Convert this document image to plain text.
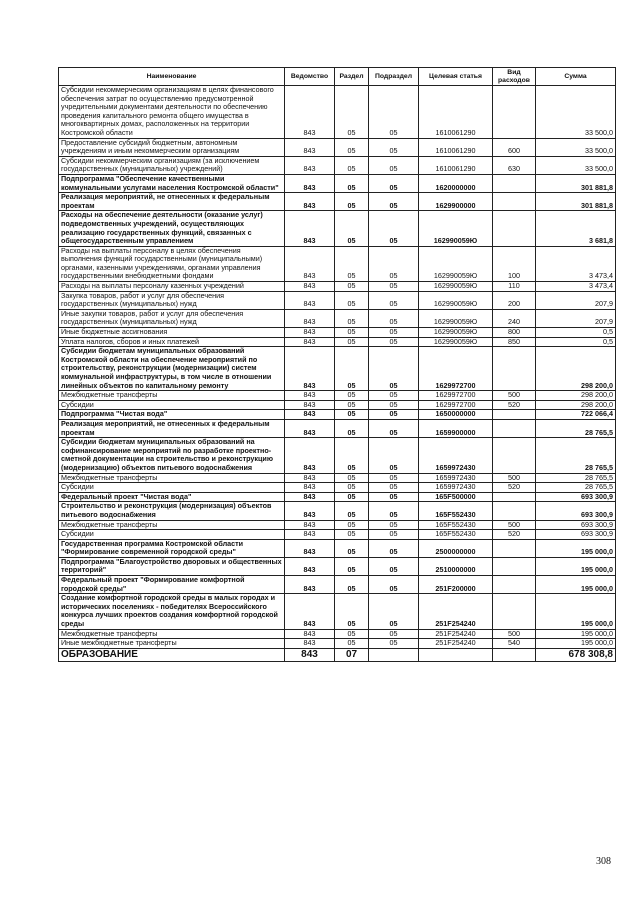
Наименование	Ведомство	Раздел	Подраздел	Целевая статья	Вид расходов	Сумма
Субсидии некоммерческим организациям в целях финансового обеспечения затрат по осуществлению предусмотренной учредительными документами деятельности по обеспечению проведения капитального ремонта общего имущества в многоквартирных домах, расположенных на территории Костромской области	843	05	05	1610061290		33 500,0
Предоставление субсидий бюджетным, автономным учреждениям и иным некоммерческим организациям	843	05	05	1610061290	600	33 500,0
Субсидии некоммерческим организациям (за исключением государственных (муниципальных) учреждений)	843	05	05	1610061290	630	33 500,0
Подпрограмма "Обеспечение качественными коммунальными услугами населения Костромской области"	843	05	05	1620000000		301 881,8
Реализация мероприятий, не отнесенных к федеральным проектам	843	05	05	1629900000		301 881,8
Расходы на обеспечение деятельности (оказание услуг) подведомственных учреждений, осуществляющих реализацию государственных функций, связанных с общегосударственным управлением	843	05	05	162990059Ю		3 681,8
Расходы на выплаты персоналу в целях обеспечения выполнения функций государственными (муниципальными) органами, казенными учреждениями, органами управления государственными внебюджетными фондами	843	05	05	162990059Ю	100	3 473,4
Расходы на выплаты персоналу казенных учреждений	843	05	05	162990059Ю	110	3 473,4
Закупка товаров, работ и услуг для обеспечения государственных (муниципальных) нужд	843	05	05	162990059Ю	200	207,9
Иные закупки товаров, работ и услуг для обеспечения государственных (муниципальных) нужд	843	05	05	162990059Ю	240	207,9
Иные бюджетные ассигнования	843	05	05	162990059Ю	800	0,5
Уплата налогов, сборов и иных платежей	843	05	05	162990059Ю	850	0,5
Субсидии бюджетам муниципальных образований Костромской области на обеспечение мероприятий по строительству, реконструкции (модернизации) систем коммунальной инфраструктуры, в том числе в отношении линейных объектов по капитальному ремонту	843	05	05	1629972700		298 200,0
Межбюджетные трансферты	843	05	05	1629972700	500	298 200,0
Субсидии	843	05	05	1629972700	520	298 200,0
Подпрограмма "Чистая вода"	843	05	05	1650000000		722 066,4
Реализация мероприятий, не отнесенных к федеральным проектам	843	05	05	1659900000		28 765,5
Субсидии бюджетам муниципальных образований на софинансирование мероприятий по разработке проектно-сметной документации на строительство и реконструкцию (модернизацию) объектов питьевого водоснабжения	843	05	05	1659972430		28 765,5
Межбюджетные трансферты	843	05	05	1659972430	500	28 765,5
Субсидии	843	05	05	1659972430	520	28 765,5
Федеральный проект "Чистая вода"	843	05	05	165F500000		693 300,9
Строительство и реконструкция (модернизация) объектов питьевого водоснабжения	843	05	05	165F552430		693 300,9
Межбюджетные трансферты	843	05	05	165F552430	500	693 300,9
Субсидии	843	05	05	165F552430	520	693 300,9
Государственная программа Костромской области "Формирование современной городской среды"	843	05	05	2500000000		195 000,0
Подпрограмма "Благоустройство дворовых и общественных территорий"	843	05	05	2510000000		195 000,0
Федеральный проект "Формирование комфортной городской среды"	843	05	05	251F200000		195 000,0
Создание комфортной городской среды в малых городах и исторических поселениях - победителях Всероссийского конкурса лучших проектов создания комфортной городской среды	843	05	05	251F254240		195 000,0
Межбюджетные трансферты	843	05	05	251F254240	500	195 000,0
Иные межбюджетные трансферты	843	05	05	251F254240	540	195 000,0
ОБРАЗОВАНИЕ	843	07				678 308,8
308
